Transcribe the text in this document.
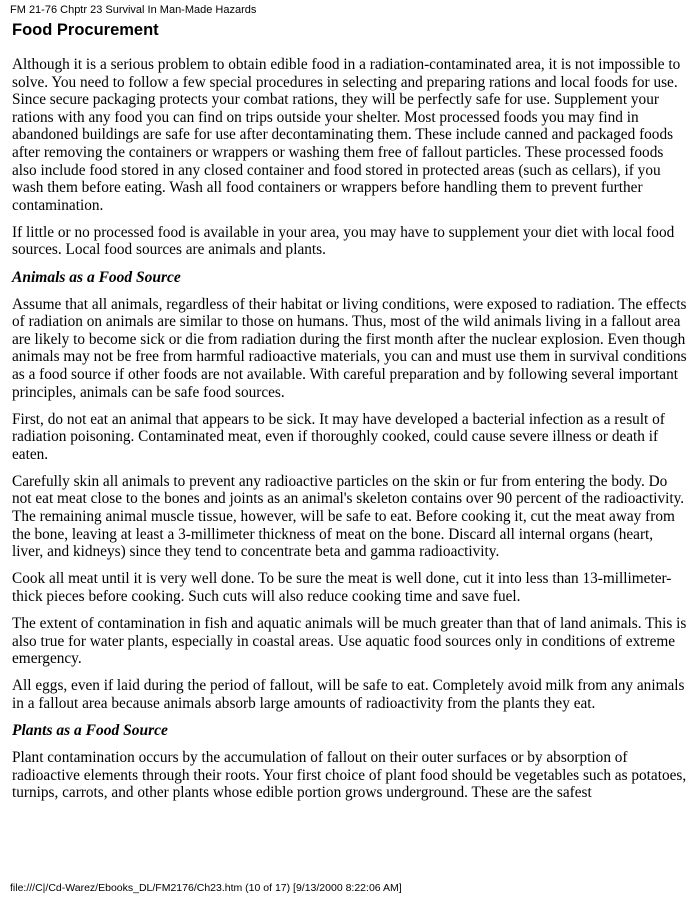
FM 21-76 Chptr 23 Survival In Man-Made Hazards
Food Procurement

Although it is a serious problem to obtain edible food in a radiation-contaminated area, it is not impossible to solve. You need to follow a few special procedures in selecting and preparing rations and local foods for use. Since secure packaging protects your combat rations, they will be perfectly safe for use. Supplement your rations with any food you can find on trips outside your shelter. Most processed foods you may find in abandoned buildings are safe for use after decontaminating them. These include canned and packaged foods after removing the containers or wrappers or washing them free of fallout particles. These processed foods also include food stored in any closed container and food stored in protected areas (such as cellars), if you wash them before eating. Wash all food containers or wrappers before handling them to prevent further contamination.

If little or no processed food is available in your area, you may have to supplement your diet with local food sources. Local food sources are animals and plants.

Animals as a Food Source

Assume that all animals, regardless of their habitat or living conditions, were exposed to radiation. The effects of radiation on animals are similar to those on humans. Thus, most of the wild animals living in a fallout area are likely to become sick or die from radiation during the first month after the nuclear explosion. Even though animals may not be free from harmful radioactive materials, you can and must use them in survival conditions as a food source if other foods are not available. With careful preparation and by following several important principles, animals can be safe food sources.

First, do not eat an animal that appears to be sick. It may have developed a bacterial infection as a result of radiation poisoning. Contaminated meat, even if thoroughly cooked, could cause severe illness or death if eaten.

Carefully skin all animals to prevent any radioactive particles on the skin or fur from entering the body. Do not eat meat close to the bones and joints as an animal's skeleton contains over 90 percent of the radioactivity. The remaining animal muscle tissue, however, will be safe to eat. Before cooking it, cut the meat away from the bone, leaving at least a 3-millimeter thickness of meat on the bone. Discard all internal organs (heart, liver, and kidneys) since they tend to concentrate beta and gamma radioactivity.

Cook all meat until it is very well done. To be sure the meat is well done, cut it into less than 13-millimeter-thick pieces before cooking. Such cuts will also reduce cooking time and save fuel.

The extent of contamination in fish and aquatic animals will be much greater than that of land animals. This is also true for water plants, especially in coastal areas. Use aquatic food sources only in conditions of extreme emergency.

All eggs, even if laid during the period of fallout, will be safe to eat. Completely avoid milk from any animals in a fallout area because animals absorb large amounts of radioactivity from the plants they eat.

Plants as a Food Source

Plant contamination occurs by the accumulation of fallout on their outer surfaces or by absorption of radioactive elements through their roots. Your first choice of plant food should be vegetables such as potatoes, turnips, carrots, and other plants whose edible portion grows underground. These are the safest

file:///C|/Cd-Warez/Ebooks_DL/FM2176/Ch23.htm (10 of 17) [9/13/2000 8:22:06 AM]
